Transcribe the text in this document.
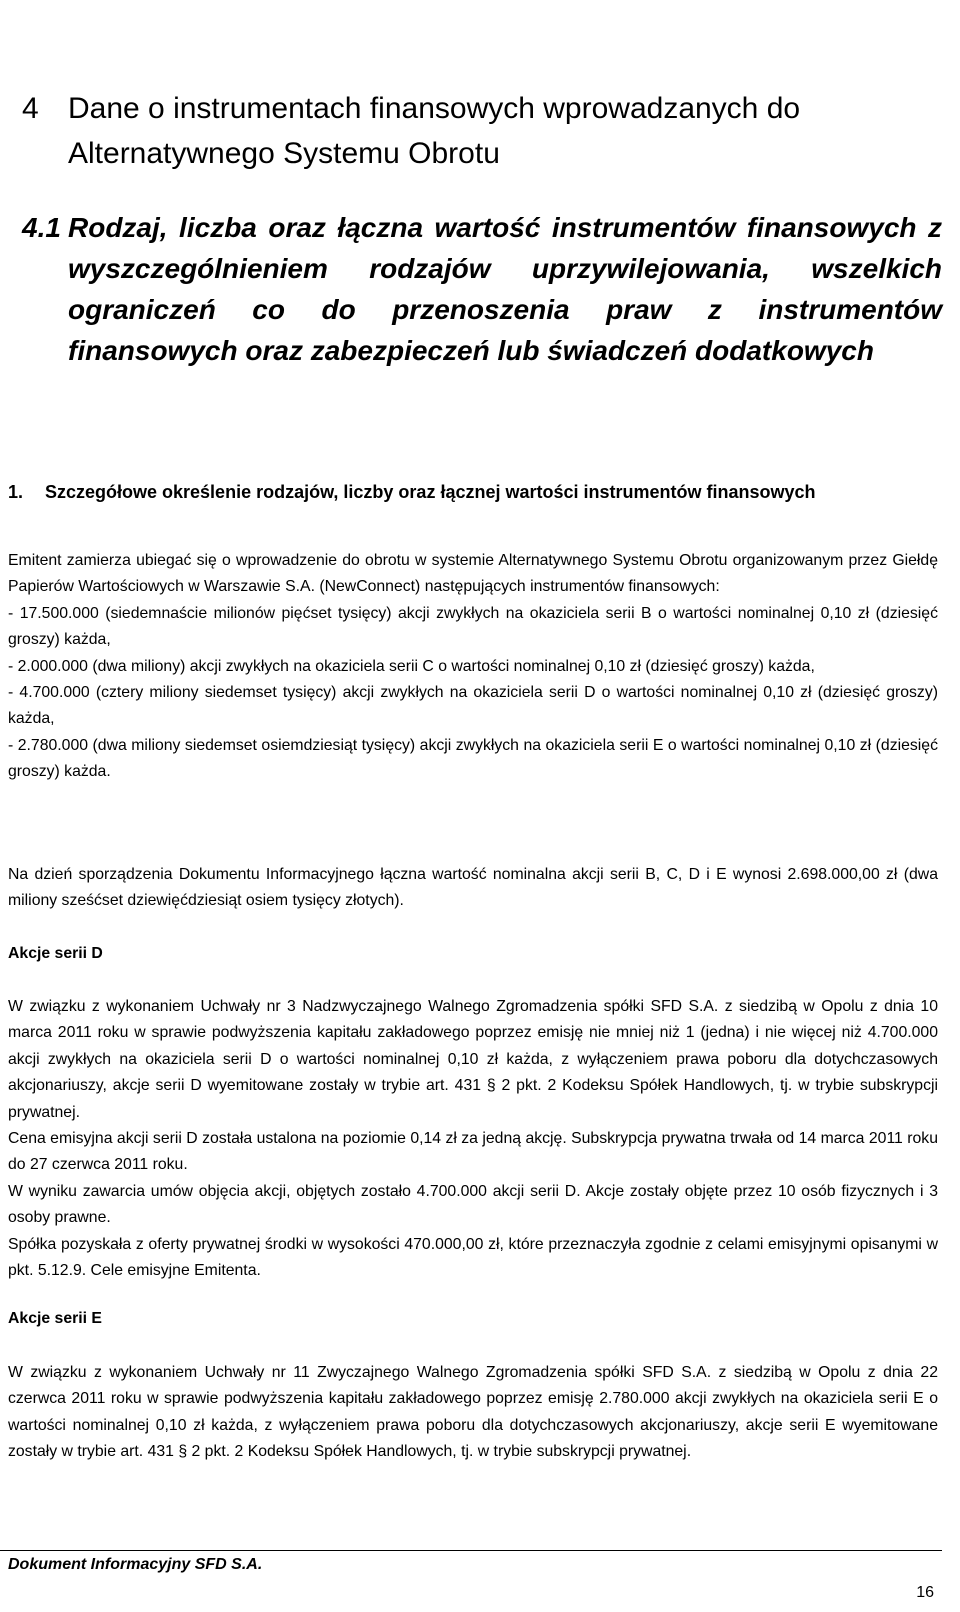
4 Dane o instrumentach finansowych wprowadzanych do Alternatywnego Systemu Obrotu
4.1 Rodzaj, liczba oraz łączna wartość instrumentów finansowych z wyszczególnieniem rodzajów uprzywilejowania, wszelkich ograniczeń co do przenoszenia praw z instrumentów finansowych oraz zabezpieczeń lub świadczeń dodatkowych
1.	Szczegółowe określenie rodzajów, liczby oraz łącznej wartości instrumentów finansowych

Emitent zamierza ubiegać się o wprowadzenie do obrotu w systemie Alternatywnego Systemu Obrotu organizowanym przez Giełdę Papierów Wartościowych w Warszawie S.A. (NewConnect) następujących instrumentów finansowych:

- 17.500.000 (siedemnaście milionów pięćset tysięcy) akcji zwykłych na okaziciela serii B o wartości nominalnej 0,10 zł (dziesięć groszy) każda,

- 2.000.000 (dwa miliony) akcji zwykłych na okaziciela serii C o wartości nominalnej 0,10 zł (dziesięć groszy) każda,

- 4.700.000 (cztery miliony siedemset tysięcy) akcji zwykłych na okaziciela serii D o wartości nominalnej 0,10 zł (dziesięć groszy) każda,

- 2.780.000 (dwa miliony siedemset osiemdziesiąt tysięcy) akcji zwykłych na okaziciela serii E o wartości nominalnej 0,10 zł (dziesięć groszy) każda.

Na dzień sporządzenia Dokumentu Informacyjnego łączna wartość nominalna akcji serii B, C, D i E wynosi 2.698.000,00 zł (dwa miliony sześćset dziewięćdziesiąt osiem tysięcy złotych).

Akcje serii D

W związku z wykonaniem Uchwały nr 3 Nadzwyczajnego Walnego Zgromadzenia spółki SFD S.A. z siedzibą w Opolu z dnia 10 marca 2011 roku w sprawie podwyższenia kapitału zakładowego poprzez emisję nie mniej niż 1 (jedna) i nie więcej niż 4.700.000 akcji zwykłych na okaziciela serii D o wartości nominalnej 0,10 zł każda, z wyłączeniem prawa poboru dla dotychczasowych akcjonariuszy, akcje serii D wyemitowane zostały w trybie art. 431 § 2 pkt. 2 Kodeksu Spółek Handlowych, tj. w trybie subskrypcji prywatnej.

Cena emisyjna akcji serii D została ustalona na poziomie 0,14 zł za jedną akcję. Subskrypcja prywatna trwała od 14 marca 2011 roku do 27 czerwca 2011 roku.

W wyniku zawarcia umów objęcia akcji, objętych zostało 4.700.000 akcji serii D. Akcje zostały objęte przez 10 osób fizycznych i 3 osoby prawne.

Spółka pozyskała z oferty prywatnej środki w wysokości 470.000,00 zł, które przeznaczyła zgodnie z celami emisyjnymi opisanymi w pkt. 5.12.9. Cele emisyjne Emitenta.

Akcje serii E

W związku z wykonaniem Uchwały nr 11 Zwyczajnego Walnego Zgromadzenia spółki SFD S.A. z siedzibą w Opolu z dnia 22 czerwca 2011 roku w sprawie podwyższenia kapitału zakładowego poprzez emisję 2.780.000 akcji zwykłych na okaziciela serii E o wartości nominalnej 0,10 zł każda, z wyłączeniem prawa poboru dla dotychczasowych akcjonariuszy, akcje serii E wyemitowane zostały w trybie art. 431 § 2 pkt. 2 Kodeksu Spółek Handlowych, tj. w trybie subskrypcji prywatnej.

Dokument Informacyjny SFD S.A.
16
